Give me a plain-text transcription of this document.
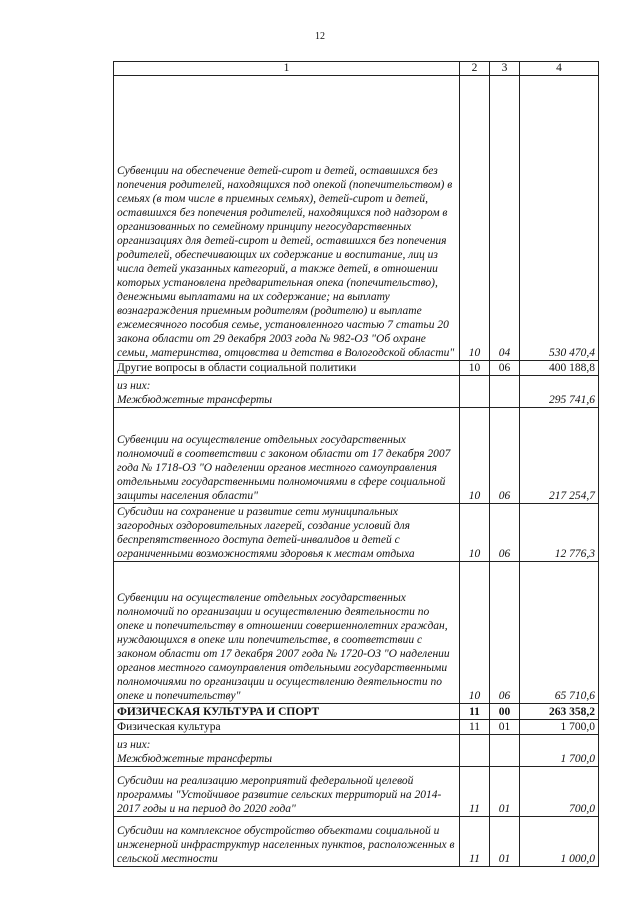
12
1	2	3	4
Субвенции на обеспечение детей-сирот и детей, оставшихся без попечения родителей, находящихся под опекой (попечительством) в семьях (в том числе в приемных семьях), детей-сирот и детей, оставшихся без попечения родителей, находящихся под надзором в организованных по семейному принципу негосударственных организациях для детей-сирот и детей, оставшихся без попечения родителей, обеспечивающих их содержание и воспитание, лиц из числа детей указанных категорий, а также детей, в отношении которых установлена предварительная опека (попечительство), денежными выплатами на их содержание; на выплату вознаграждения приемным родителям (родителю) и выплате ежемесячного пособия семье, установленного частью 7 статьи 20 закона области от 29 декабря 2003 года № 982-ОЗ "Об охране семьи, материнства, отцовства и детства в Вологодской области"	10	04	530 470,4
Другие вопросы в области социальной политики	10	06	400 188,8
из них:
Межбюджетные трансферты			295 741,6
Субвенции на осуществление отдельных государственных полномочий в соответствии с законом области от 17 декабря 2007 года № 1718-ОЗ "О наделении органов местного самоуправления отдельными государственными полномочиями в сфере социальной защиты населения области"	10	06	217 254,7
Субсидии на сохранение и развитие сети муниципальных загородных оздоровительных лагерей, создание условий для беспрепятственного доступа детей-инвалидов и детей с ограниченными возможностями здоровья к местам отдыха	10	06	12 776,3
Субвенции на осуществление отдельных государственных полномочий по организации и осуществлению деятельности по опеке и попечительству в отношении совершеннолетних граждан, нуждающихся в опеке или попечительстве, в соответствии с законом области от 17 декабря 2007 года № 1720-ОЗ "О наделении органов местного самоуправления отдельными государственными полномочиями по организации и осуществлению деятельности по опеке и попечительству"	10	06	65 710,6
ФИЗИЧЕСКАЯ КУЛЬТУРА И СПОРТ	11	00	263 358,2
Физическая культура	11	01	1 700,0
из них:
Межбюджетные трансферты			1 700,0
Субсидии на реализацию мероприятий федеральной целевой программы "Устойчивое развитие сельских территорий на 2014-2017 годы и на период до 2020 года"	11	01	700,0
Субсидии на комплексное обустройство объектами социальной и инженерной инфраструктур населенных пунктов, расположенных в сельской местности	11	01	1 000,0
